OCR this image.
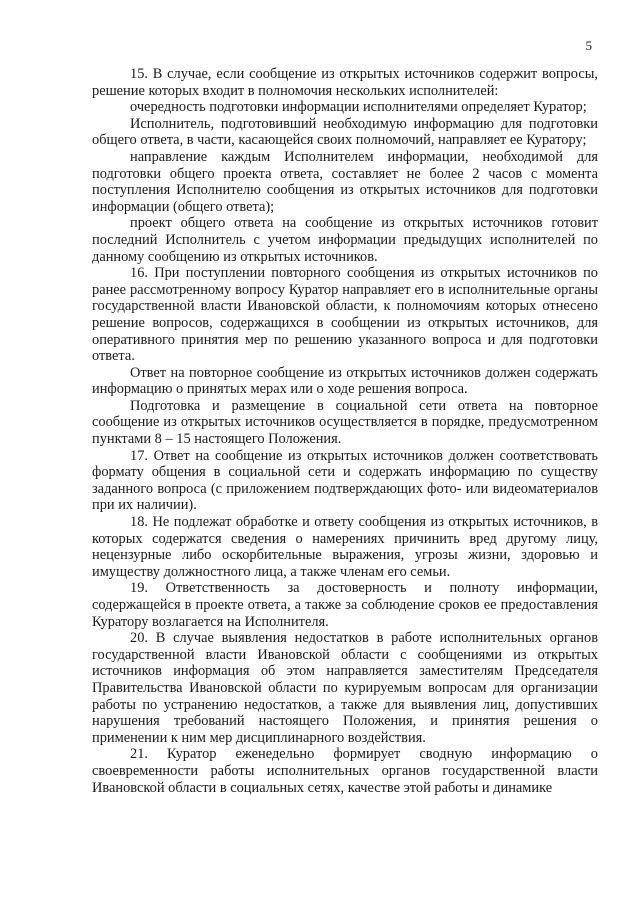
5

15. В случае, если сообщение из открытых источников содержит вопросы, решение которых входит в полномочия нескольких исполнителей:

очередность подготовки информации исполнителями определяет Куратор;

Исполнитель, подготовивший необходимую информацию для подготовки общего ответа, в части, касающейся своих полномочий, направляет ее Куратору;

направление каждым Исполнителем информации, необходимой для подготовки общего проекта ответа, составляет не более 2 часов с момента поступления Исполнителю сообщения из открытых источников для подготовки информации (общего ответа);

проект общего ответа на сообщение из открытых источников готовит последний Исполнитель с учетом информации предыдущих исполнителей по данному сообщению из открытых источников.

16. При поступлении повторного сообщения из открытых источников по ранее рассмотренному вопросу Куратор направляет его в исполнительные органы государственной власти Ивановской области, к полномочиям которых отнесено решение вопросов, содержащихся в сообщении из открытых источников, для оперативного принятия мер по решению указанного вопроса и для подготовки ответа.

Ответ на повторное сообщение из открытых источников должен содержать информацию о принятых мерах или о ходе решения вопроса.

Подготовка и размещение в социальной сети ответа на повторное сообщение из открытых источников осуществляется в порядке, предусмотренном пунктами 8 – 15 настоящего Положения.

17. Ответ на сообщение из открытых источников должен соответствовать формату общения в социальной сети и содержать информацию по существу заданного вопроса (с приложением подтверждающих фото- или видеоматериалов при их наличии).

18. Не подлежат обработке и ответу сообщения из открытых источников, в которых содержатся сведения о намерениях причинить вред другому лицу, нецензурные либо оскорбительные выражения, угрозы жизни, здоровью и имуществу должностного лица, а также членам его семьи.

19. Ответственность за достоверность и полноту информации, содержащейся в проекте ответа, а также за соблюдение сроков ее предоставления Куратору возлагается на Исполнителя.

20. В случае выявления недостатков в работе исполнительных органов государственной власти Ивановской области с сообщениями из открытых источников информация об этом направляется заместителям Председателя Правительства Ивановской области по курируемым вопросам для организации работы по устранению недостатков, а также для выявления лиц, допустивших нарушения требований настоящего Положения, и принятия решения о применении к ним мер дисциплинарного воздействия.

21. Куратор еженедельно формирует сводную информацию о своевременности работы исполнительных органов государственной власти Ивановской области в социальных сетях, качестве этой работы и динамике
